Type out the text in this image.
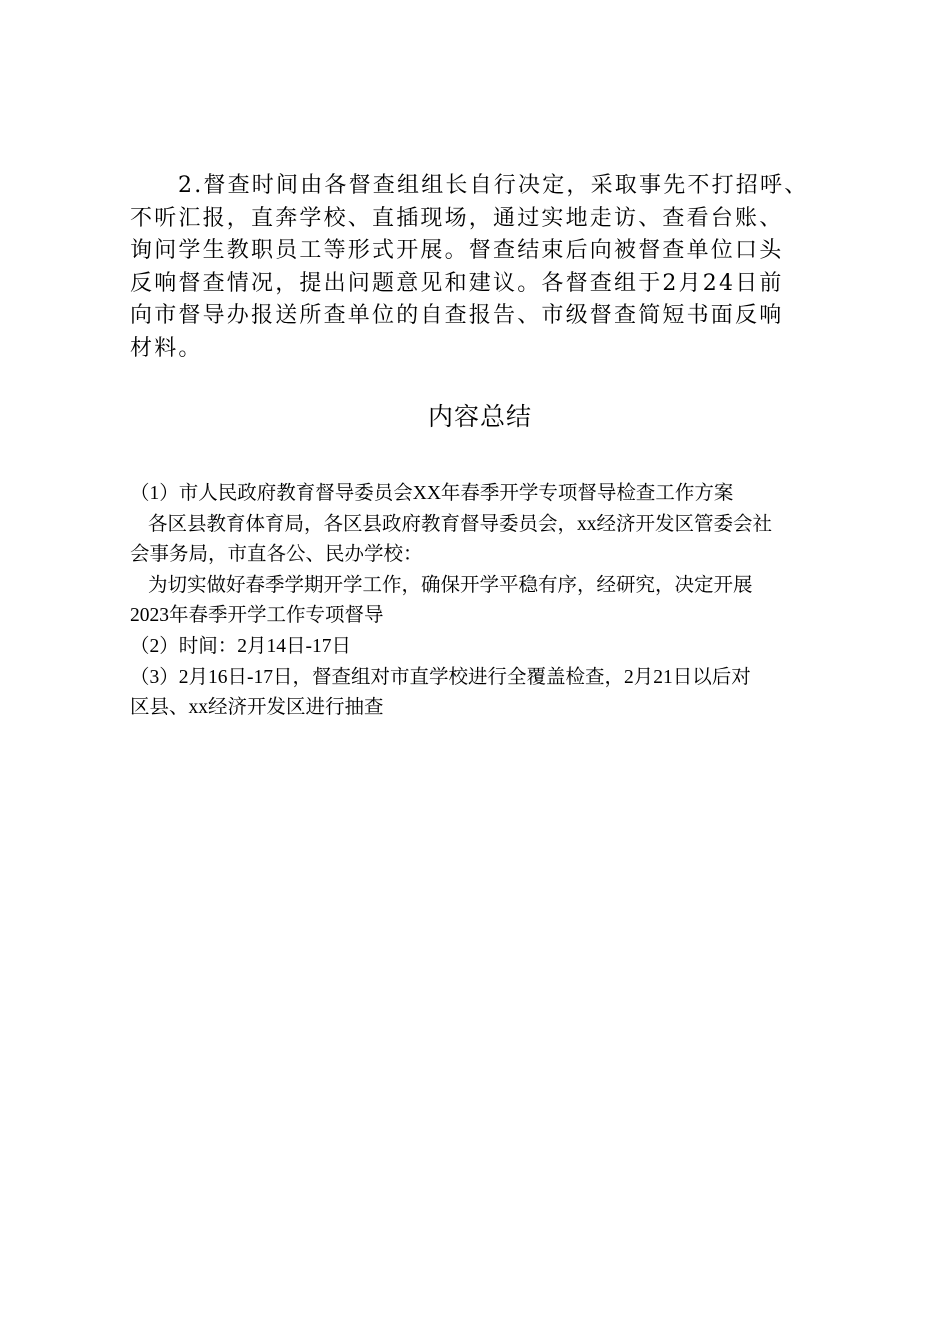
2.督查时间由各督查组组长自行决定，采取事先不打招呼、
不听汇报，直奔学校、直插现场，通过实地走访、查看台账、
询问学生教职员工等形式开展。督查结束后向被督查单位口头
反响督查情况，提出问题意见和建议。各督查组于2月24日前
向市督导办报送所查单位的自查报告、市级督查简短书面反响
材料。
内容总结
（1）市人民政府教育督导委员会XX年春季开学专项督导检查工作方案
各区县教育体育局，各区县政府教育督导委员会，xx经济开发区管委会社
会事务局，市直各公、民办学校：
为切实做好春季学期开学工作，确保开学平稳有序，经研究，决定开展
2023年春季开学工作专项督导
（2）时间：2月14日-17日
（3）2月16日-17日，督查组对市直学校进行全覆盖检查，2月21日以后对
区县、xx经济开发区进行抽查
